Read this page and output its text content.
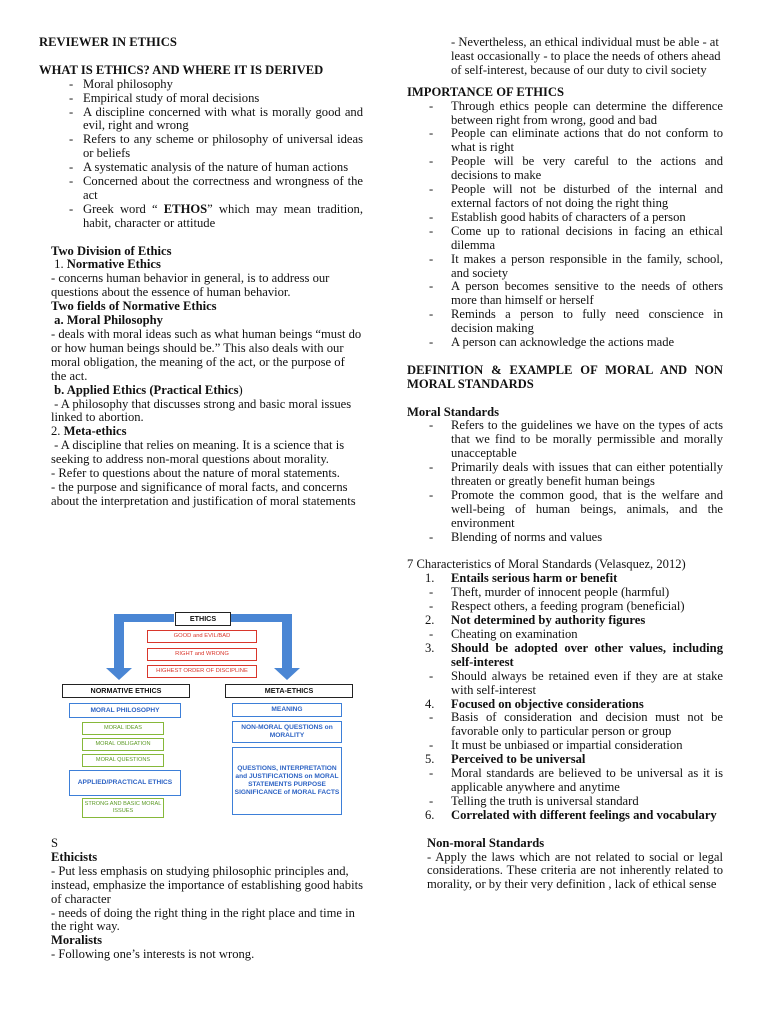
REVIEWER IN ETHICS

WHAT IS ETHICS? AND WHERE IT IS DERIVED

- Moral philosophy
- Empirical study of moral decisions
- A discipline concerned with what is morally good and evil, right and wrong
- Refers to any scheme or philosophy of universal ideas or beliefs
- A systematic analysis of the nature of human actions
- Concerned about the correctness and wrongness of the act
- Greek word “ ETHOS” which may mean tradition, habit, character or attitude

Two Division of Ethics

1. Normative Ethics

- concerns human behavior in general, is to address our questions about the essence of human behavior.

Two fields of Normative Ethics

a. Moral Philosophy

- deals with moral ideas such as what human beings “must do or how human beings should be.” This also deals with our moral obligation, the meaning of the act, or the purpose of the act.

b. Applied Ethics (Practical Ethics)

- A philosophy that discusses strong and basic moral issues linked to abortion.

2. Meta-ethics

- A discipline that relies on meaning. It is a science that is seeking to address non-moral questions about morality.

- Refer to questions about the nature of moral statements.

- the purpose and significance of moral facts, and concerns about the interpretation and justification of moral statements

ETHICS
GOOD and EVIL/BAD
RIGHT and WRONG
HIGHEST ORDER OF DISCIPLINE
NORMATIVE ETHICS	META-ETHICS
MORAL PHILOSOPHY
MORAL IDEAS
MORAL OBLIGATION
MORAL QUESTIONS
APPLIED/PRACTICAL ETHICS
STRONG AND BASIC MORAL ISSUES
MEANING
NON-MORAL QUESTIONS on MORALITY
QUESTIONS, INTERPRETATION and JUSTIFICATIONS on MORAL STATEMENTS PURPOSE SIGNIFICANCE of MORAL FACTS

S

Ethicists

- Put less emphasis on studying philosophic principles and, instead, emphasize the importance of establishing good habits of character

- needs of doing the right thing in the right place and time in the right way.

Moralists

- Following one’s interests is not wrong.

- Nevertheless, an ethical individual must be able - at least occasionally - to place the needs of others ahead of self-interest, because of our duty to civil society

IMPORTANCE OF ETHICS

- Through ethics people can determine the difference between right from wrong, good and bad
- People can eliminate actions that do not conform to what is right
- People will be very careful to the actions and decisions to make
- People will not be disturbed of the internal and external factors of not doing the right thing
- Establish good habits of characters of a person
- Come up to rational decisions in facing an ethical dilemma
- It makes a person responsible in the family, school, and society
- A person becomes sensitive to the needs of others more than himself or herself
- Reminds a person to fully need conscience in decision making
- A person can acknowledge the actions made

DEFINITION & EXAMPLE OF MORAL AND NON MORAL STANDARDS

Moral Standards

- Refers to the guidelines we have on the types of acts that we find to be morally permissible and morally unacceptable
- Primarily deals with issues that can either potentially threaten or greatly benefit human beings
- Promote the common good, that is the welfare and well-being of human beings, animals, and the environment
- Blending of norms and values

7 Characteristics of Moral Standards (Velasquez, 2012)

1. Entails serious harm or benefit
- Theft, murder of innocent people (harmful)
- Respect others, a feeding program (beneficial)
2. Not determined by authority figures
- Cheating on examination
3. Should be adopted over other values, including self-interest
- Should always be retained even if they are at stake with self-interest
4. Focused on objective considerations
- Basis of consideration and decision must not be favorable only to particular person or group
- It must be unbiased or impartial consideration
5. Perceived to be universal
- Moral standards are believed to be universal as it is applicable anywhere and anytime
- Telling the truth is universal standard
6. Correlated with different feelings and vocabulary

Non-moral Standards

- Apply the laws which are not related to social or legal considerations. These criteria are not inherently related to morality, or by their very definition , lack of ethical sense
